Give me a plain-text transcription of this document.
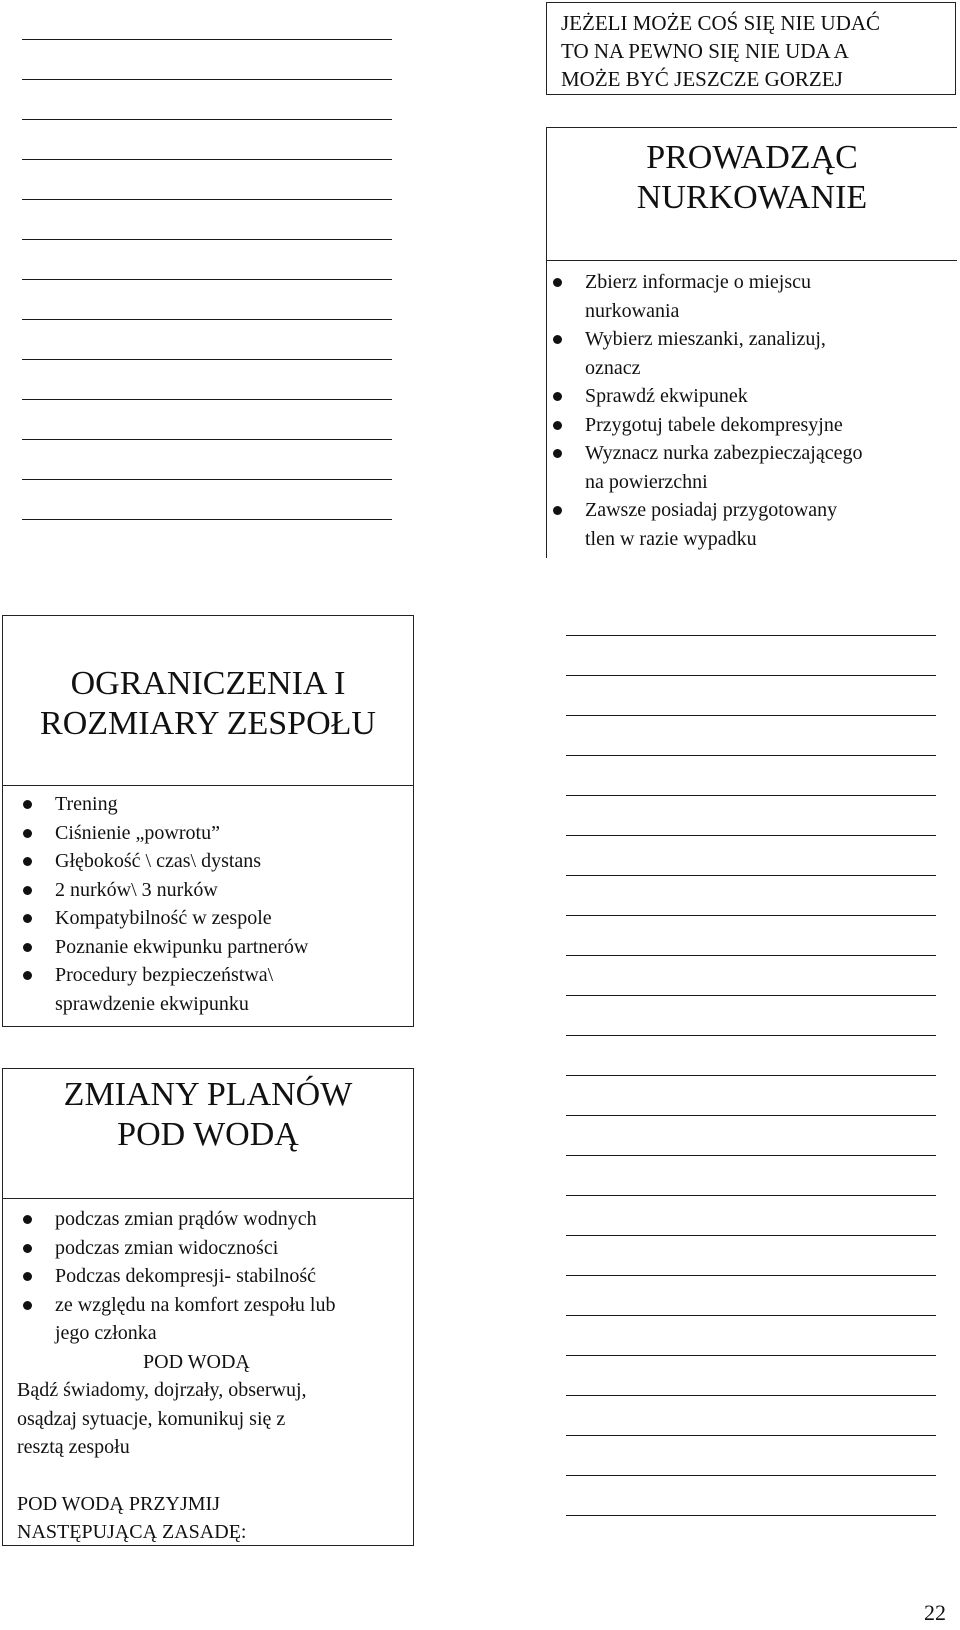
JEŻELI MOŻE COŚ SIĘ NIE UDAĆ
TO NA PEWNO SIĘ NIE UDA A
MOŻE BYĆ JESZCZE GORZEJ
PROWADZĄC
NURKOWANIE
Zbierz informacje o miejscu
nurkowania
Wybierz mieszanki, zanalizuj,
oznacz
Sprawdź ekwipunek
Przygotuj tabele dekompresyjne
Wyznacz nurka zabezpieczającego
na powierzchni
Zawsze posiadaj przygotowany
tlen w razie wypadku
OGRANICZENIA I
ROZMIARY ZESPOŁU
Trening
Ciśnienie „powrotu”
Głębokość \ czas\ dystans
2 nurków\ 3 nurków
Kompatybilność w zespole
Poznanie ekwipunku partnerów
Procedury bezpieczeństwa\
sprawdzenie ekwipunku
ZMIANY PLANÓW
POD WODĄ
podczas zmian prądów wodnych
podczas zmian widoczności
Podczas dekompresji- stabilność
ze względu na komfort zespołu lub
jego członka
POD WODĄ
Bądź świadomy, dojrzały, obserwuj,
osądzaj sytuacje, komunikuj się z
resztą zespołu
POD WODĄ PRZYJMIJ
NASTĘPUJĄCĄ ZASADĘ:
22
